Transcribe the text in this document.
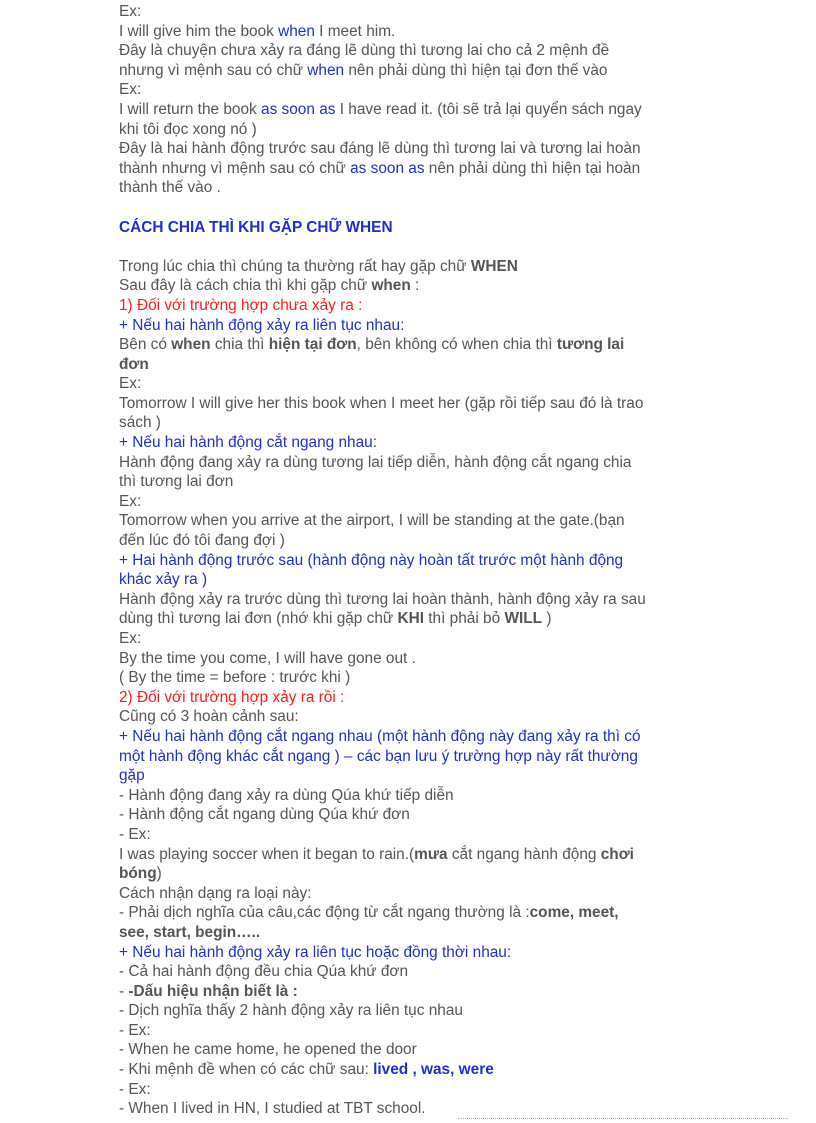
Ex:
I will give him the book when I meet him.
Đây là chuyện chưa xảy ra đáng lẽ dùng thì tương lai cho cả 2 mệnh đề
nhưng vì mệnh sau có chữ when nên phải dùng thì hiện tại đơn thế vào
Ex:
I will return the book as soon as I have read it. (tôi sẽ trả lại quyển sách ngay
khi tôi đọc xong nó )
Đây là hai hành động trước sau đáng lẽ dùng thì tương lai và tương lai hoàn
thành nhưng vì mệnh sau có chữ as soon as nên phải dùng thì hiện tại hoàn
thành thế vào .
CÁCH CHIA THÌ KHI GẶP CHỮ WHEN
Trong lúc chia thì chúng ta thường rất hay gặp chữ WHEN
Sau đây là cách chia thì khi gặp chữ when :
1) Đối với trường hợp chưa xảy ra :
+ Nếu hai hành động xảy ra liên tục nhau:
Bên có when chia thì hiện tại đơn, bên không có when chia thì tương lai
đơn
Ex:
Tomorrow I will give her this book when I meet her (gặp rồi tiếp sau đó là trao
sách )
+ Nếu hai hành động cắt ngang nhau:
Hành động đang xảy ra dùng tương lai tiếp diễn, hành động cắt ngang chia
thì tương lai đơn
Ex:
Tomorrow when you arrive at the airport, I will be standing at the gate.(bạn
đến lúc đó tôi đang đợi )
+ Hai hành động trước sau (hành động này hoàn tất trước một hành động
khác xảy ra )
Hành động xảy ra trước dùng thì tương lai hoàn thành, hành động xảy ra sau
dùng thì tương lai đơn (nhớ khi gặp chữ KHI thì phải bỏ WILL )
Ex:
By the time you come, I will have gone out .
( By the time = before : trước khi )
2) Đối với trường hợp xảy ra rồi :
Cũng có 3 hoàn cảnh sau:
+ Nếu hai hành động cắt ngang nhau (một hành động này đang xảy ra thì có
một hành động khác cắt ngang ) – các bạn lưu ý trường hợp này rất thường
gặp
- Hành động đang xảy ra dùng Qúa khứ tiếp diễn
- Hành động cắt ngang dùng Qúa khứ đơn
- Ex:
I was playing soccer when it began to rain.(mưa cắt ngang hành động chơi
bóng)
Cách nhận dạng ra loại này:
- Phải dịch nghĩa của câu,các động từ cắt ngang thường là :come, meet,
see, start, begin…..
+ Nếu hai hành động xảy ra liên tục hoặc đồng thời nhau:
- Cả hai hành động đều chia Qúa khứ đơn
- -Dấu hiệu nhận biết là :
- Dịch nghĩa thấy 2 hành động xảy ra liên tục nhau
- Ex:
- When he came home, he opened the door
- Khi mệnh đề when có các chữ sau: lived , was, were
- Ex:
- When I lived in HN, I studied at TBT school.
